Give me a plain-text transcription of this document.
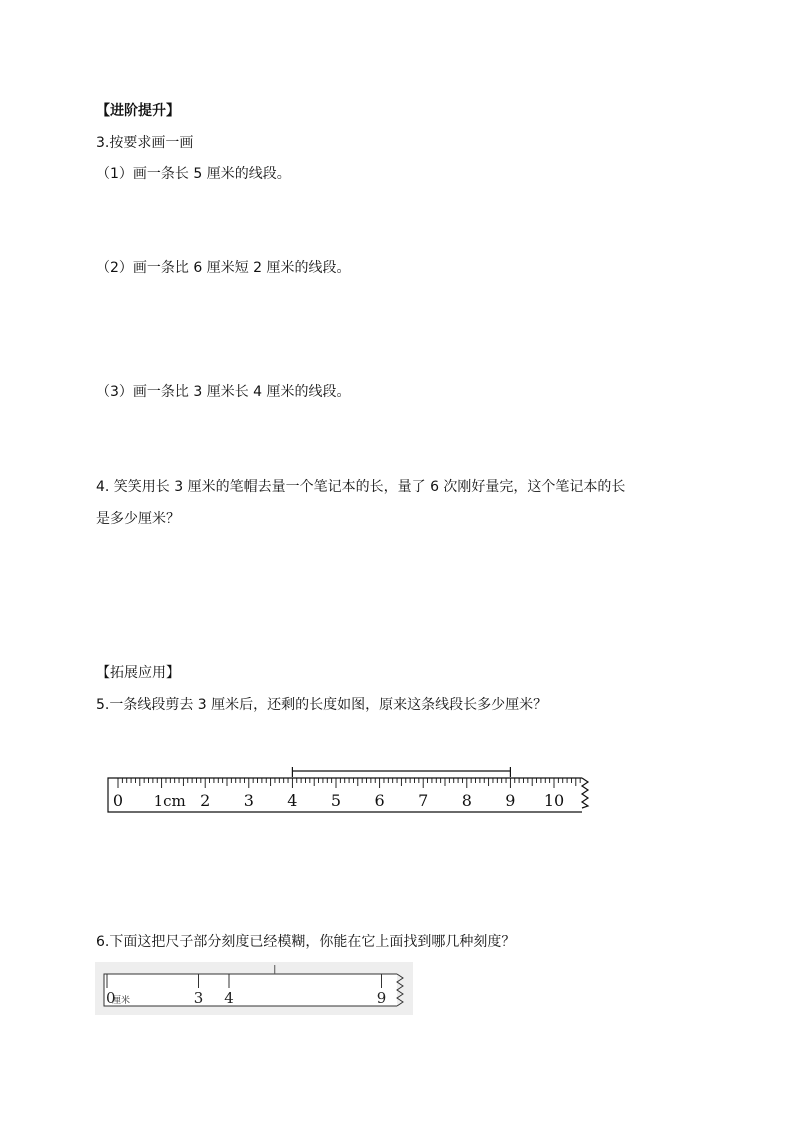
【进阶提升】
3.按要求画一画
（1）画一条长 5 厘米的线段。
（2）画一条比 6 厘米短 2 厘米的线段。
（3）画一条比 3 厘米长 4 厘米的线段。
4. 笑笑用长 3 厘米的笔帽去量一个笔记本的长，量了 6 次刚好量完，这个笔记本的长
是多少厘米？
【拓展应用】
5.一条线段剪去 3 厘米后，还剩的长度如图，原来这条线段长多少厘米？
0 1cm 2 3 4 5 6 7 8 9 10
6.下面这把尺子部分刻度已经模糊，你能在它上面找到哪几种刻度？
0
厘米	3 4	9
